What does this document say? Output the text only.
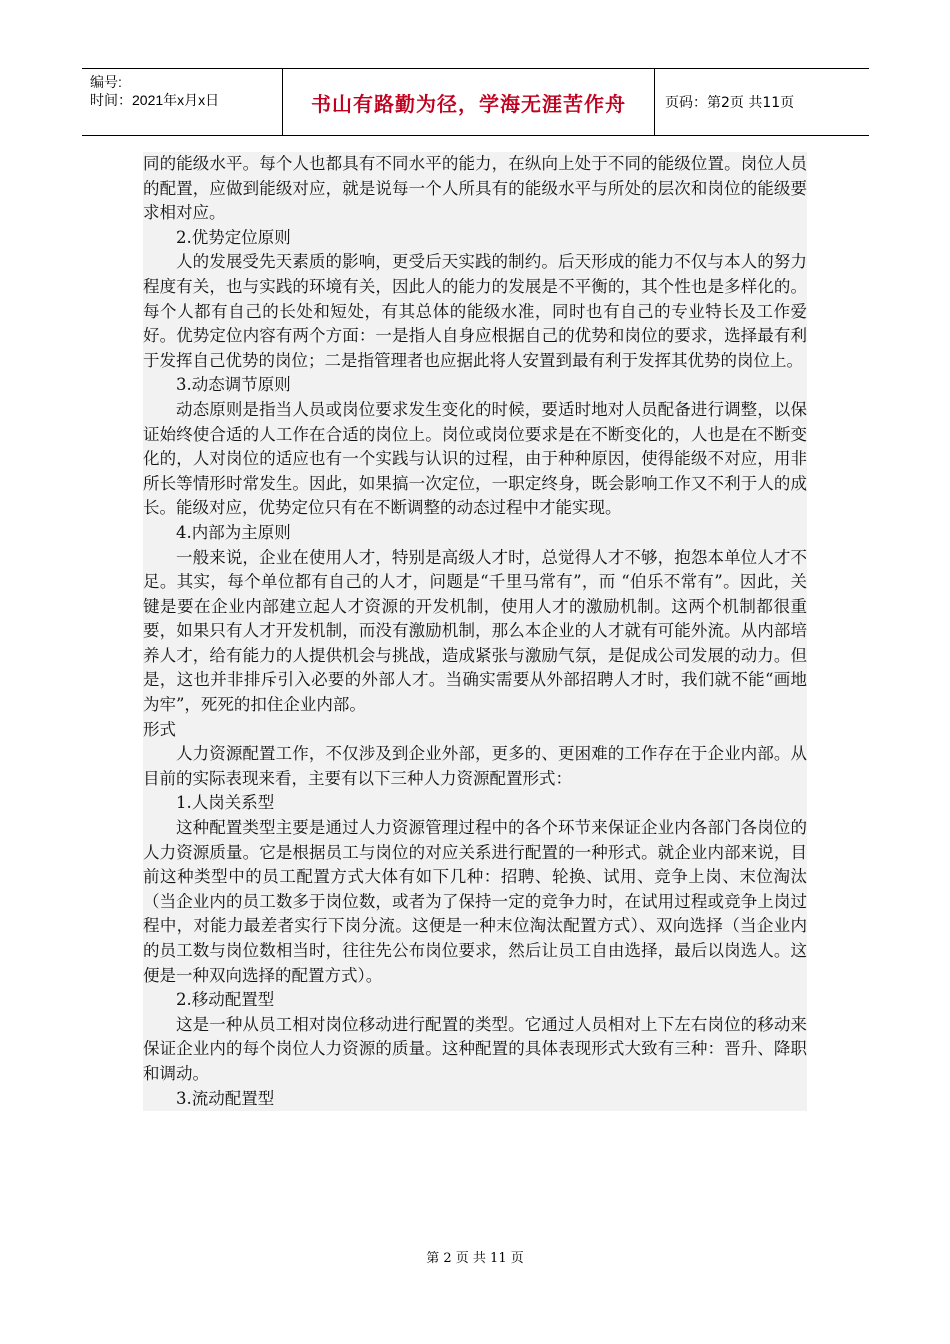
编号:
时间：2021年x月x日	书山有路勤为径，学海无涯苦作舟	页码：第2页 共11页

同的能级水平。每个人也都具有不同水平的能力，在纵向上处于不同的能级位置。岗位人员的配置，应做到能级对应，就是说每一个人所具有的能级水平与所处的层次和岗位的能级要求相对应。

2.优势定位原则

人的发展受先天素质的影响，更受后天实践的制约。后天形成的能力不仅与本人的努力程度有关，也与实践的环境有关，因此人的能力的发展是不平衡的，其个性也是多样化的。每个人都有自己的长处和短处，有其总体的能级水准，同时也有自己的专业特长及工作爱好。优势定位内容有两个方面：一是指人自身应根据自己的优势和岗位的要求，选择最有利于发挥自己优势的岗位；二是指管理者也应据此将人安置到最有利于发挥其优势的岗位上。

3.动态调节原则

动态原则是指当人员或岗位要求发生变化的时候，要适时地对人员配备进行调整，以保证始终使合适的人工作在合适的岗位上。岗位或岗位要求是在不断变化的，人也是在不断变化的，人对岗位的适应也有一个实践与认识的过程，由于种种原因，使得能级不对应，用非所长等情形时常发生。因此，如果搞一次定位，一职定终身，既会影响工作又不利于人的成长。能级对应，优势定位只有在不断调整的动态过程中才能实现。

4.内部为主原则

一般来说，企业在使用人才，特别是高级人才时，总觉得人才不够，抱怨本单位人才不足。其实，每个单位都有自己的人才，问题是“千里马常有”，而 “伯乐不常有”。因此，关键是要在企业内部建立起人才资源的开发机制，使用人才的激励机制。这两个机制都很重要，如果只有人才开发机制，而没有激励机制，那么本企业的人才就有可能外流。从内部培养人才，给有能力的人提供机会与挑战，造成紧张与激励气氛，是促成公司发展的动力。但是，这也并非排斥引入必要的外部人才。当确实需要从外部招聘人才时，我们就不能“画地为牢”，死死的扣住企业内部。

形式

人力资源配置工作，不仅涉及到企业外部，更多的、更困难的工作存在于企业内部。从目前的实际表现来看，主要有以下三种人力资源配置形式：

1.人岗关系型

这种配置类型主要是通过人力资源管理过程中的各个环节来保证企业内各部门各岗位的人力资源质量。它是根据员工与岗位的对应关系进行配置的一种形式。就企业内部来说，目前这种类型中的员工配置方式大体有如下几种：招聘、轮换、试用、竞争上岗、末位淘汰（当企业内的员工数多于岗位数，或者为了保持一定的竞争力时，在试用过程或竞争上岗过程中，对能力最差者实行下岗分流。这便是一种末位淘汰配置方式）、双向选择（当企业内的员工数与岗位数相当时，往往先公布岗位要求，然后让员工自由选择，最后以岗选人。这便是一种双向选择的配置方式）。

2.移动配置型

这是一种从员工相对岗位移动进行配置的类型。它通过人员相对上下左右岗位的移动来保证企业内的每个岗位人力资源的质量。这种配置的具体表现形式大致有三种：晋升、降职和调动。

3.流动配置型

第 2 页 共 11 页
